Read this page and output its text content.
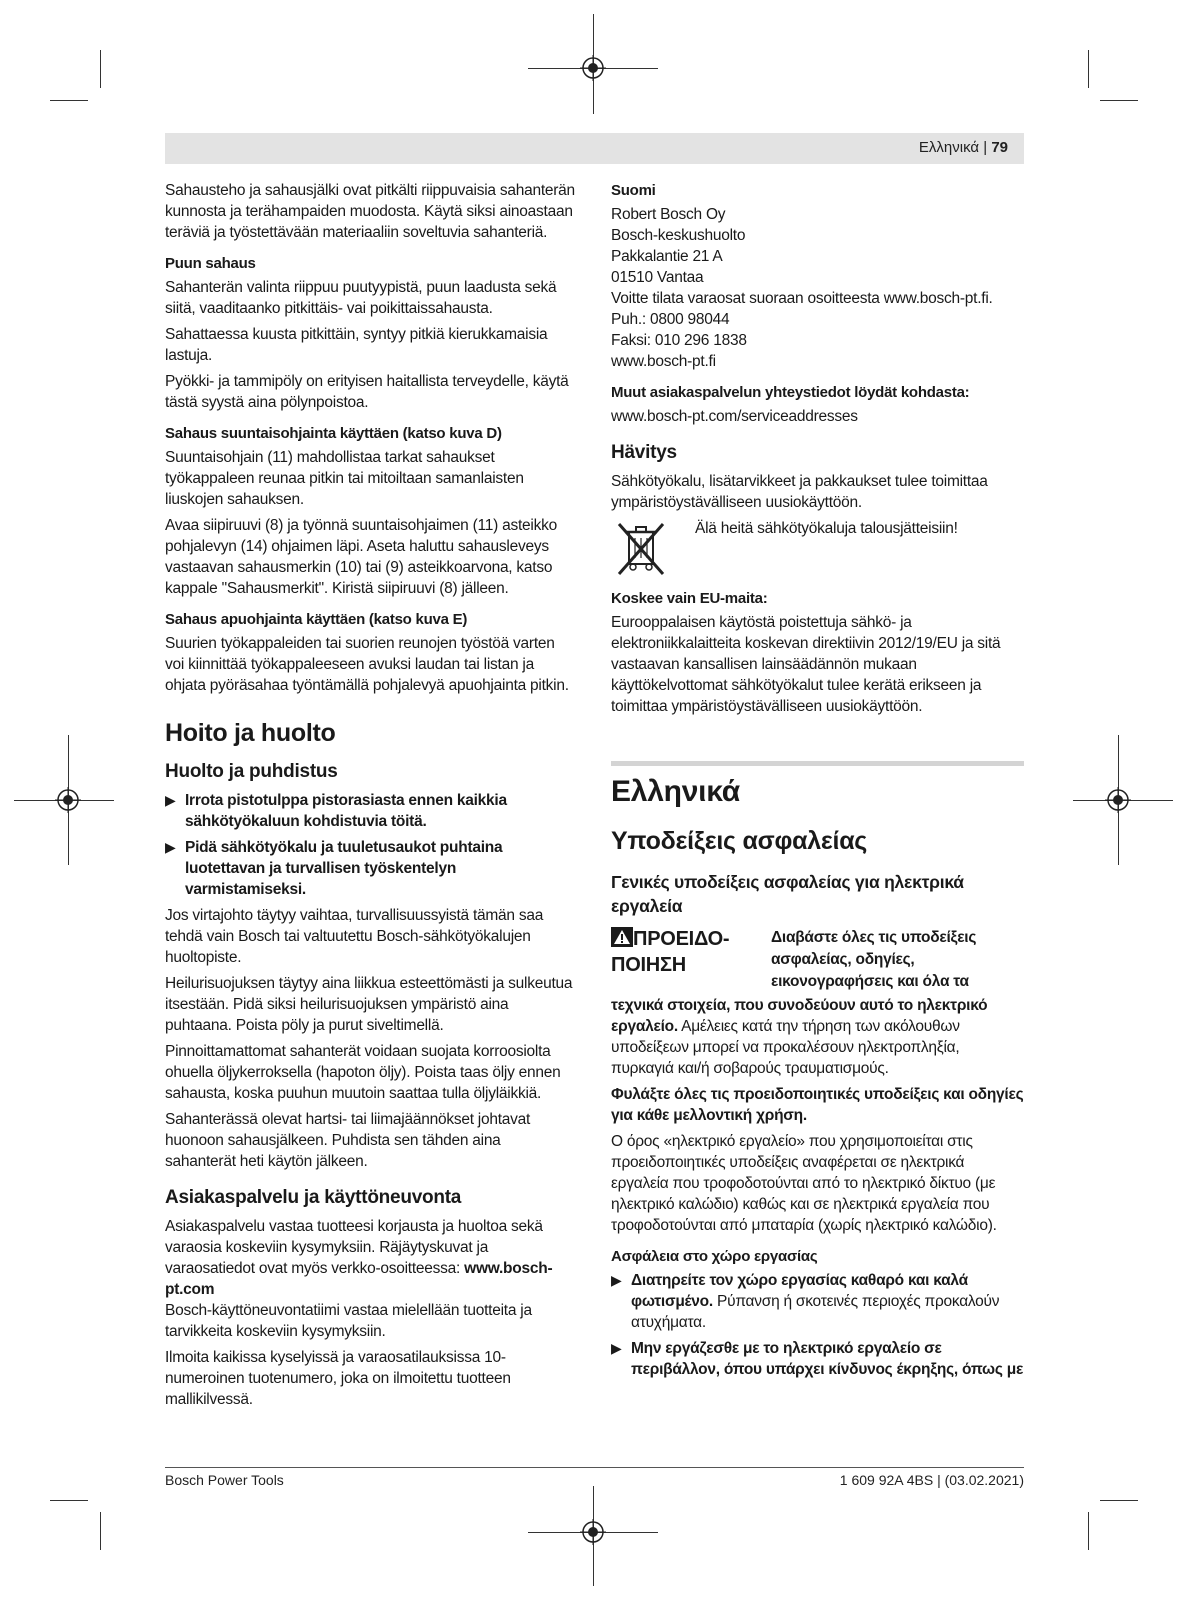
Ελληνικά | 79

Sahausteho ja sahausjälki ovat pitkälti riippuvaisia sahanterän kunnosta ja terähampaiden muodosta. Käytä siksi ainoastaan teräviä ja työstettävään materiaaliin soveltuvia sahanteriä.

Puun sahaus

Sahanterän valinta riippuu puutyypistä, puun laadusta sekä siitä, vaaditaanko pitkittäis- vai poikittaissahausta.

Sahattaessa kuusta pitkittäin, syntyy pitkiä kierukkamaisia lastuja.

Pyökki- ja tammipöly on erityisen haitallista terveydelle, käytä tästä syystä aina pölynpoistoa.

Sahaus suuntaisohjainta käyttäen (katso kuva D)

Suuntaisohjain (11) mahdollistaa tarkat sahaukset työkappaleen reunaa pitkin tai mitoiltaan samanlaisten liuskojen sahauksen.

Avaa siipiruuvi (8) ja työnnä suuntaisohjaimen (11) asteikko pohjalevyn (14) ohjaimen läpi. Aseta haluttu sahausleveys vastaavan sahausmerkin (10) tai (9) asteikkoarvona, katso kappale "Sahausmerkit". Kiristä siipiruuvi (8) jälleen.

Sahaus apuohjainta käyttäen (katso kuva E)

Suurien työkappaleiden tai suorien reunojen työstöä varten voi kiinnittää työkappaleeseen avuksi laudan tai listan ja ohjata pyöräsahaa työntämällä pohjalevyä apuohjainta pitkin.

Hoito ja huolto
Huolto ja puhdistus
▶ Irrota pistotulppa pistorasiasta ennen kaikkia sähkötyökaluun kohdistuvia töitä.
▶ Pidä sähkötyökalu ja tuuletusaukot puhtaina luotettavan ja turvallisen työskentelyn varmistamiseksi.

Jos virtajohto täytyy vaihtaa, turvallisuussyistä tämän saa tehdä vain Bosch tai valtuutettu Bosch-sähkötyökalujen huoltopiste.

Heilurisuojuksen täytyy aina liikkua esteettömästi ja sulkeutua itsestään. Pidä siksi heilurisuojuksen ympäristö aina puhtaana. Poista pöly ja purut siveltimellä.

Pinnoittamattomat sahanterät voidaan suojata korroosiolta ohuella öljykerroksella (hapoton öljy). Poista taas öljy ennen sahausta, koska puuhun muutoin saattaa tulla öljyläikkiä.

Sahanterässä olevat hartsi- tai liimajäännökset johtavat huonoon sahausjälkeen. Puhdista sen tähden aina sahanterät heti käytön jälkeen.

Asiakaspalvelu ja käyttöneuvonta

Asiakaspalvelu vastaa tuotteesi korjausta ja huoltoa sekä varaosia koskeviin kysymyksiin. Räjäytyskuvat ja varaosatiedot ovat myös verkko-osoitteessa: www.bosch-pt.com
Bosch-käyttöneuvontatiimi vastaa mielellään tuotteita ja tarvikkeita koskeviin kysymyksiin.

Ilmoita kaikissa kyselyissä ja varaosatilauksissa 10-numeroinen tuotenumero, joka on ilmoitettu tuotteen mallikilvessä.

Suomi
Robert Bosch Oy
Bosch-keskushuolto
Pakkalantie 21 A
01510 Vantaa
Voitte tilata varaosat suoraan osoitteesta www.bosch-pt.fi.
Puh.: 0800 98044
Faksi: 010 296 1838
www.bosch-pt.fi
Muut asiakaspalvelun yhteystiedot löydät kohdasta:

www.bosch-pt.com/serviceaddresses

Hävitys

Sähkötyökalu, lisätarvikkeet ja pakkaukset tulee toimittaa ympäristöystävälliseen uusiokäyttöön.

Älä heitä sähkötyökaluja talousjätteisiin!
Koskee vain EU-maita:

Eurooppalaisen käytöstä poistettuja sähkö- ja elektroniikkalaitteita koskevan direktiivin 2012/19/EU ja sitä vastaavan kansallisen lainsäädännön mukaan käyttökelvottomat sähkötyökalut tulee kerätä erikseen ja toimittaa ympäristöystävälliseen uusiokäyttöön.

Ελληνικά
Υποδείξεις ασφαλείας
Γενικές υποδείξεις ασφαλείας για ηλεκτρικά εργαλεία
ΠΡΟΕΙΔΟ-ΠΟΙΗΣΗ
Διαβάστε όλες τις υποδείξεις ασφαλείας, οδηγίες, εικονογραφήσεις και όλα τα

τεχνικά στοιχεία, που συνοδεύουν αυτό το ηλεκτρικό εργαλείο. Αμέλειες κατά την τήρηση των ακόλουθων υποδείξεων μπορεί να προκαλέσουν ηλεκτροπληξία, πυρκαγιά και/ή σοβαρούς τραυματισμούς.

Φυλάξτε όλες τις προειδοποιητικές υποδείξεις και οδηγίες για κάθε μελλοντική χρήση.

Ο όρος «ηλεκτρικό εργαλείο» που χρησιμοποιείται στις προειδοποιητικές υποδείξεις αναφέρεται σε ηλεκτρικά εργαλεία που τροφοδοτούνται από το ηλεκτρικό δίκτυο (με ηλεκτρικό καλώδιο) καθώς και σε ηλεκτρικά εργαλεία που τροφοδοτούνται από μπαταρία (χωρίς ηλεκτρικό καλώδιο).

Ασφάλεια στο χώρο εργασίας
▶ Διατηρείτε τον χώρο εργασίας καθαρό και καλά φωτισμένο. Ρύπανση ή σκοτεινές περιοχές προκαλούν ατυχήματα.
▶ Μην εργάζεσθε με το ηλεκτρικό εργαλείο σε περιβάλλον, όπου υπάρχει κίνδυνος έκρηξης, όπως με
Bosch Power Tools	1 609 92A 4BS | (03.02.2021)
